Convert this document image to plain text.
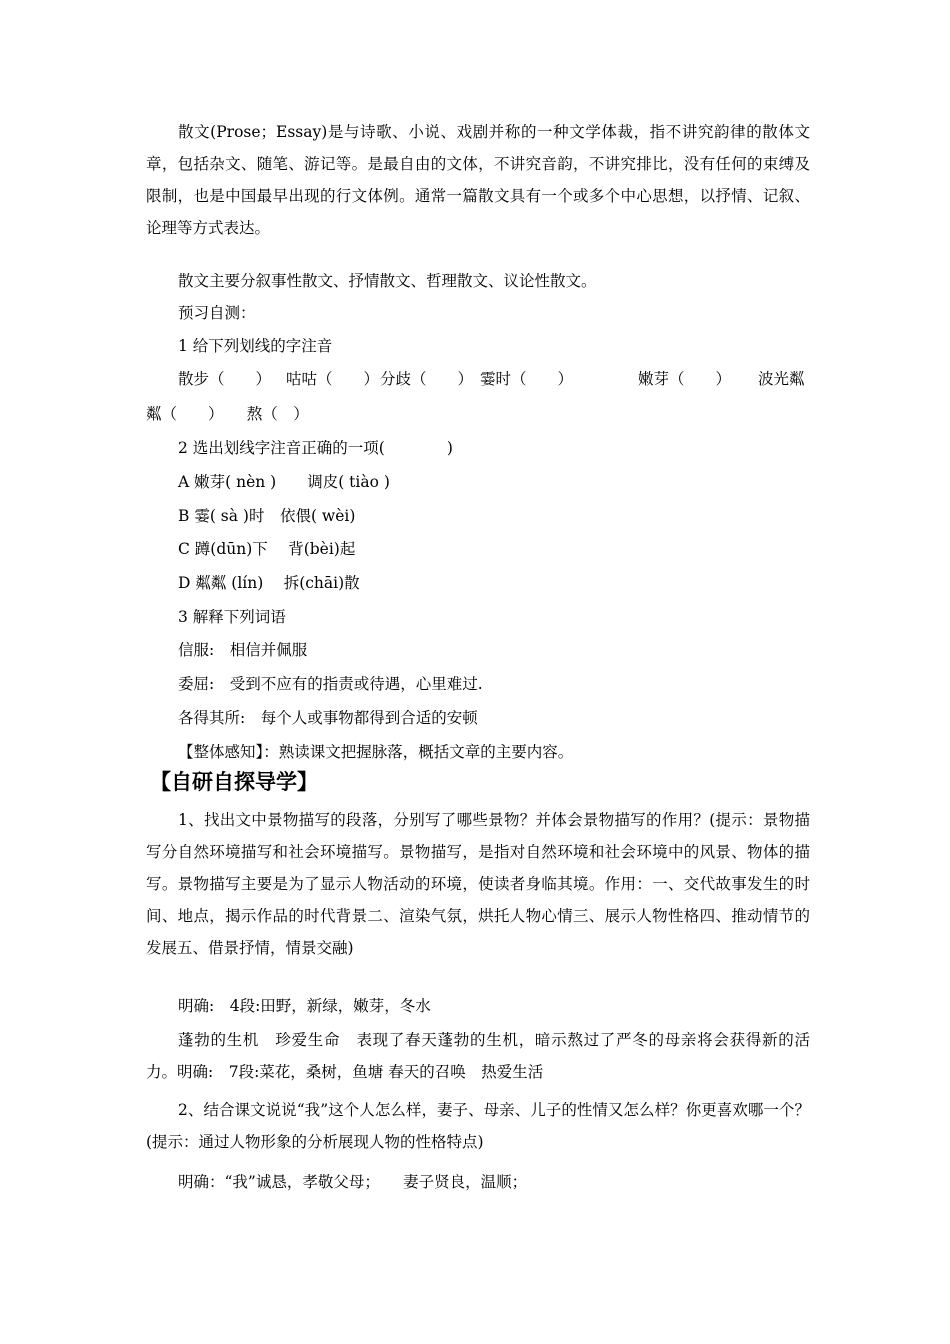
散文(Prose；Essay)是与诗歌、小说、戏剧并称的一种文学体裁，指不讲究韵律的散体文章，包括杂文、随笔、游记等。是最自由的文体，不讲究音韵，不讲究排比，没有任何的束缚及限制，也是中国最早出现的行文体例。通常一篇散文具有一个或多个中心思想，以抒情、记叙、论理等方式表达。

散文主要分叙事性散文、抒情散文、哲理散文、议论性散文。

预习自测：

1 给下列划线的字注音

散步（　　） 咕咕（　　） 分歧（　　） 霎时（　　）	嫩芽（　　） 波光粼

粼（　　）　　熬（　）

2 选出划线字注音正确的一项(　　　　)

A 嫩芽( nèn )　　调皮( tiào )

B 霎( sà )时　依偎( wèi)

C 蹲(dūn)下　 背(bèi)起

D 粼粼 (lín)　 拆(chāi)散

3 解释下列词语

信服:　相信并佩服

委屈:　受到不应有的指责或待遇，心里难过.

各得其所:　每个人或事物都得到合适的安顿

【整体感知】：熟读课文把握脉落，概括文章的主要内容。

【自研自探导学】

1、找出文中景物描写的段落，分别写了哪些景物？并体会景物描写的作用？(提示：景物描写分自然环境描写和社会环境描写。景物描写，是指对自然环境和社会环境中的风景、物体的描写。景物描写主要是为了显示人物活动的环境，使读者身临其境。作用：一、交代故事发生的时间、地点，揭示作品的时代背景二、渲染气氛，烘托人物心情三、展示人物性格四、推动情节的发展五、借景抒情，情景交融)

明确:　4段:田野，新绿，嫩芽，冬水

蓬勃的生机　珍爱生命　表现了春天蓬勃的生机，暗示熬过了严冬的母亲将会获得新的活力。明确:　7段:菜花，桑树，鱼塘 春天的召唤　热爱生活

2、结合课文说说“我”这个人怎么样，妻子、母亲、儿子的性情又怎么样？你更喜欢哪一个？(提示：通过人物形象的分析展现人物的性格特点)

明确：“我”诚恳，孝敬父母；　　妻子贤良，温顺；
